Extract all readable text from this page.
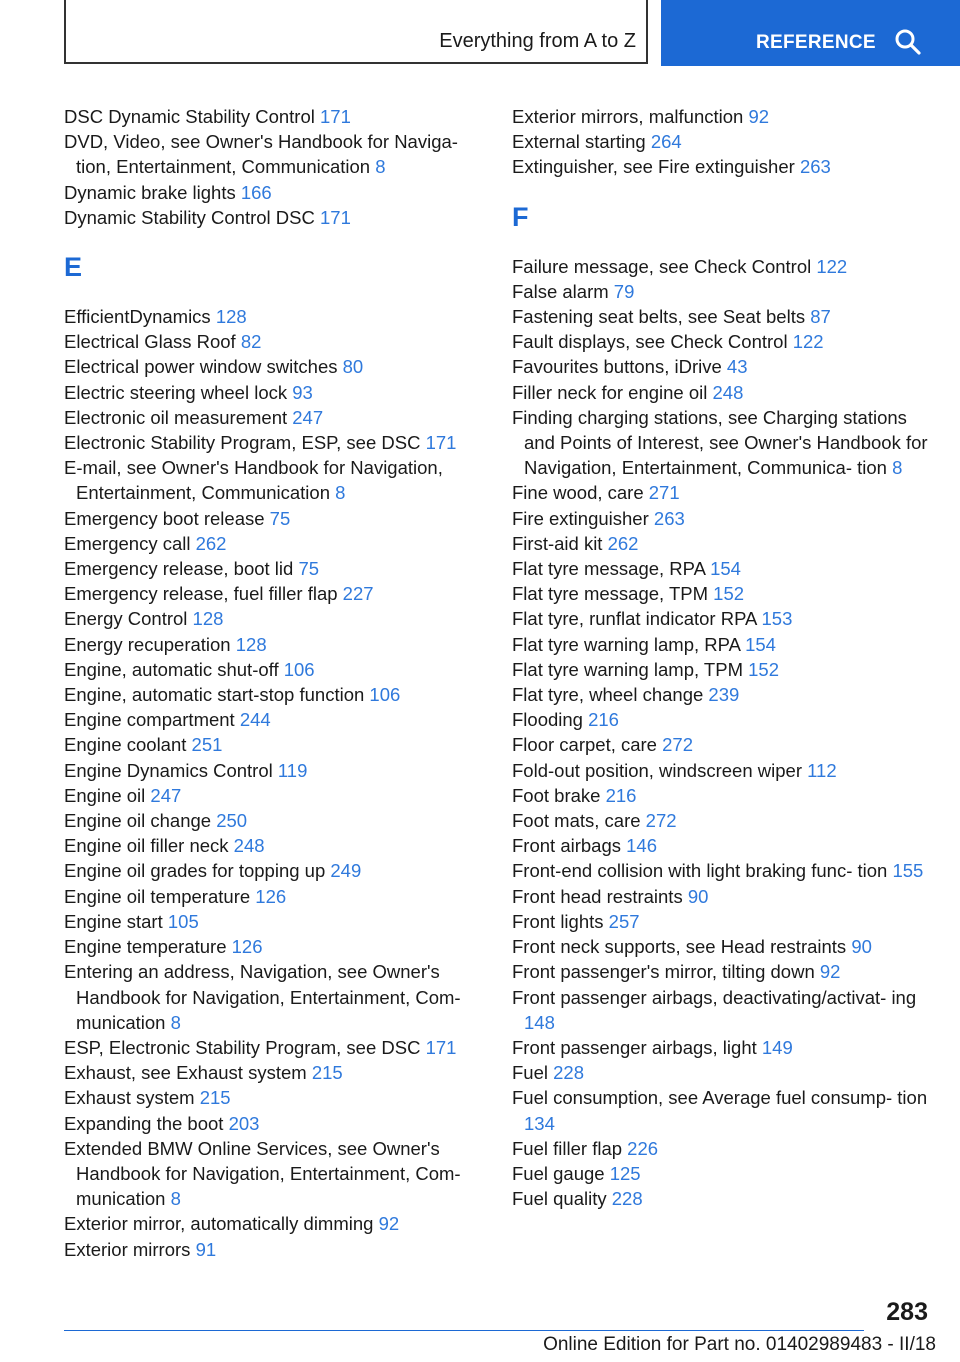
Everything from A to Z	REFERENCE
DSC Dynamic Stability Control 171
DVD, Video, see Owner's Handbook for Naviga‐ tion, Entertainment, Communication 8
Dynamic brake lights 166
Dynamic Stability Control DSC 171
E
EfficientDynamics 128
Electrical Glass Roof 82
Electrical power window switches 80
Electric steering wheel lock 93
Electronic oil measurement 247
Electronic Stability Program, ESP, see DSC 171
E-mail, see Owner's Handbook for Navigation, Entertainment, Communication 8
Emergency boot release 75
Emergency call 262
Emergency release, boot lid 75
Emergency release, fuel filler flap 227
Energy Control 128
Energy recuperation 128
Engine, automatic shut-off 106
Engine, automatic start-stop function 106
Engine compartment 244
Engine coolant 251
Engine Dynamics Control 119
Engine oil 247
Engine oil change 250
Engine oil filler neck 248
Engine oil grades for topping up 249
Engine oil temperature 126
Engine start 105
Engine temperature 126
Entering an address, Navigation, see Owner's Handbook for Navigation, Entertainment, Com‐ munication 8
ESP, Electronic Stability Program, see DSC 171
Exhaust, see Exhaust system 215
Exhaust system 215
Expanding the boot 203
Extended BMW Online Services, see Owner's Handbook for Navigation, Entertainment, Com‐ munication 8
Exterior mirror, automatically dimming 92
Exterior mirrors 91
Exterior mirrors, malfunction 92
External starting 264
Extinguisher, see Fire extinguisher 263
F
Failure message, see Check Control 122
False alarm 79
Fastening seat belts, see Seat belts 87
Fault displays, see Check Control 122
Favourites buttons, iDrive 43
Filler neck for engine oil 248
Finding charging stations, see Charging stations and Points of Interest, see Owner's Handbook for Navigation, Entertainment, Communica‐ tion 8
Fine wood, care 271
Fire extinguisher 263
First-aid kit 262
Flat tyre message, RPA 154
Flat tyre message, TPM 152
Flat tyre, runflat indicator RPA 153
Flat tyre warning lamp, RPA 154
Flat tyre warning lamp, TPM 152
Flat tyre, wheel change 239
Flooding 216
Floor carpet, care 272
Fold-out position, windscreen wiper 112
Foot brake 216
Foot mats, care 272
Front airbags 146
Front-end collision with light braking func‐ tion 155
Front head restraints 90
Front lights 257
Front neck supports, see Head restraints 90
Front passenger's mirror, tilting down 92
Front passenger airbags, deactivating/activat‐ ing 148
Front passenger airbags, light 149
Fuel 228
Fuel consumption, see Average fuel consump‐ tion 134
Fuel filler flap 226
Fuel gauge 125
Fuel quality 228
283
Online Edition for Part no. 01402989483 - II/18
